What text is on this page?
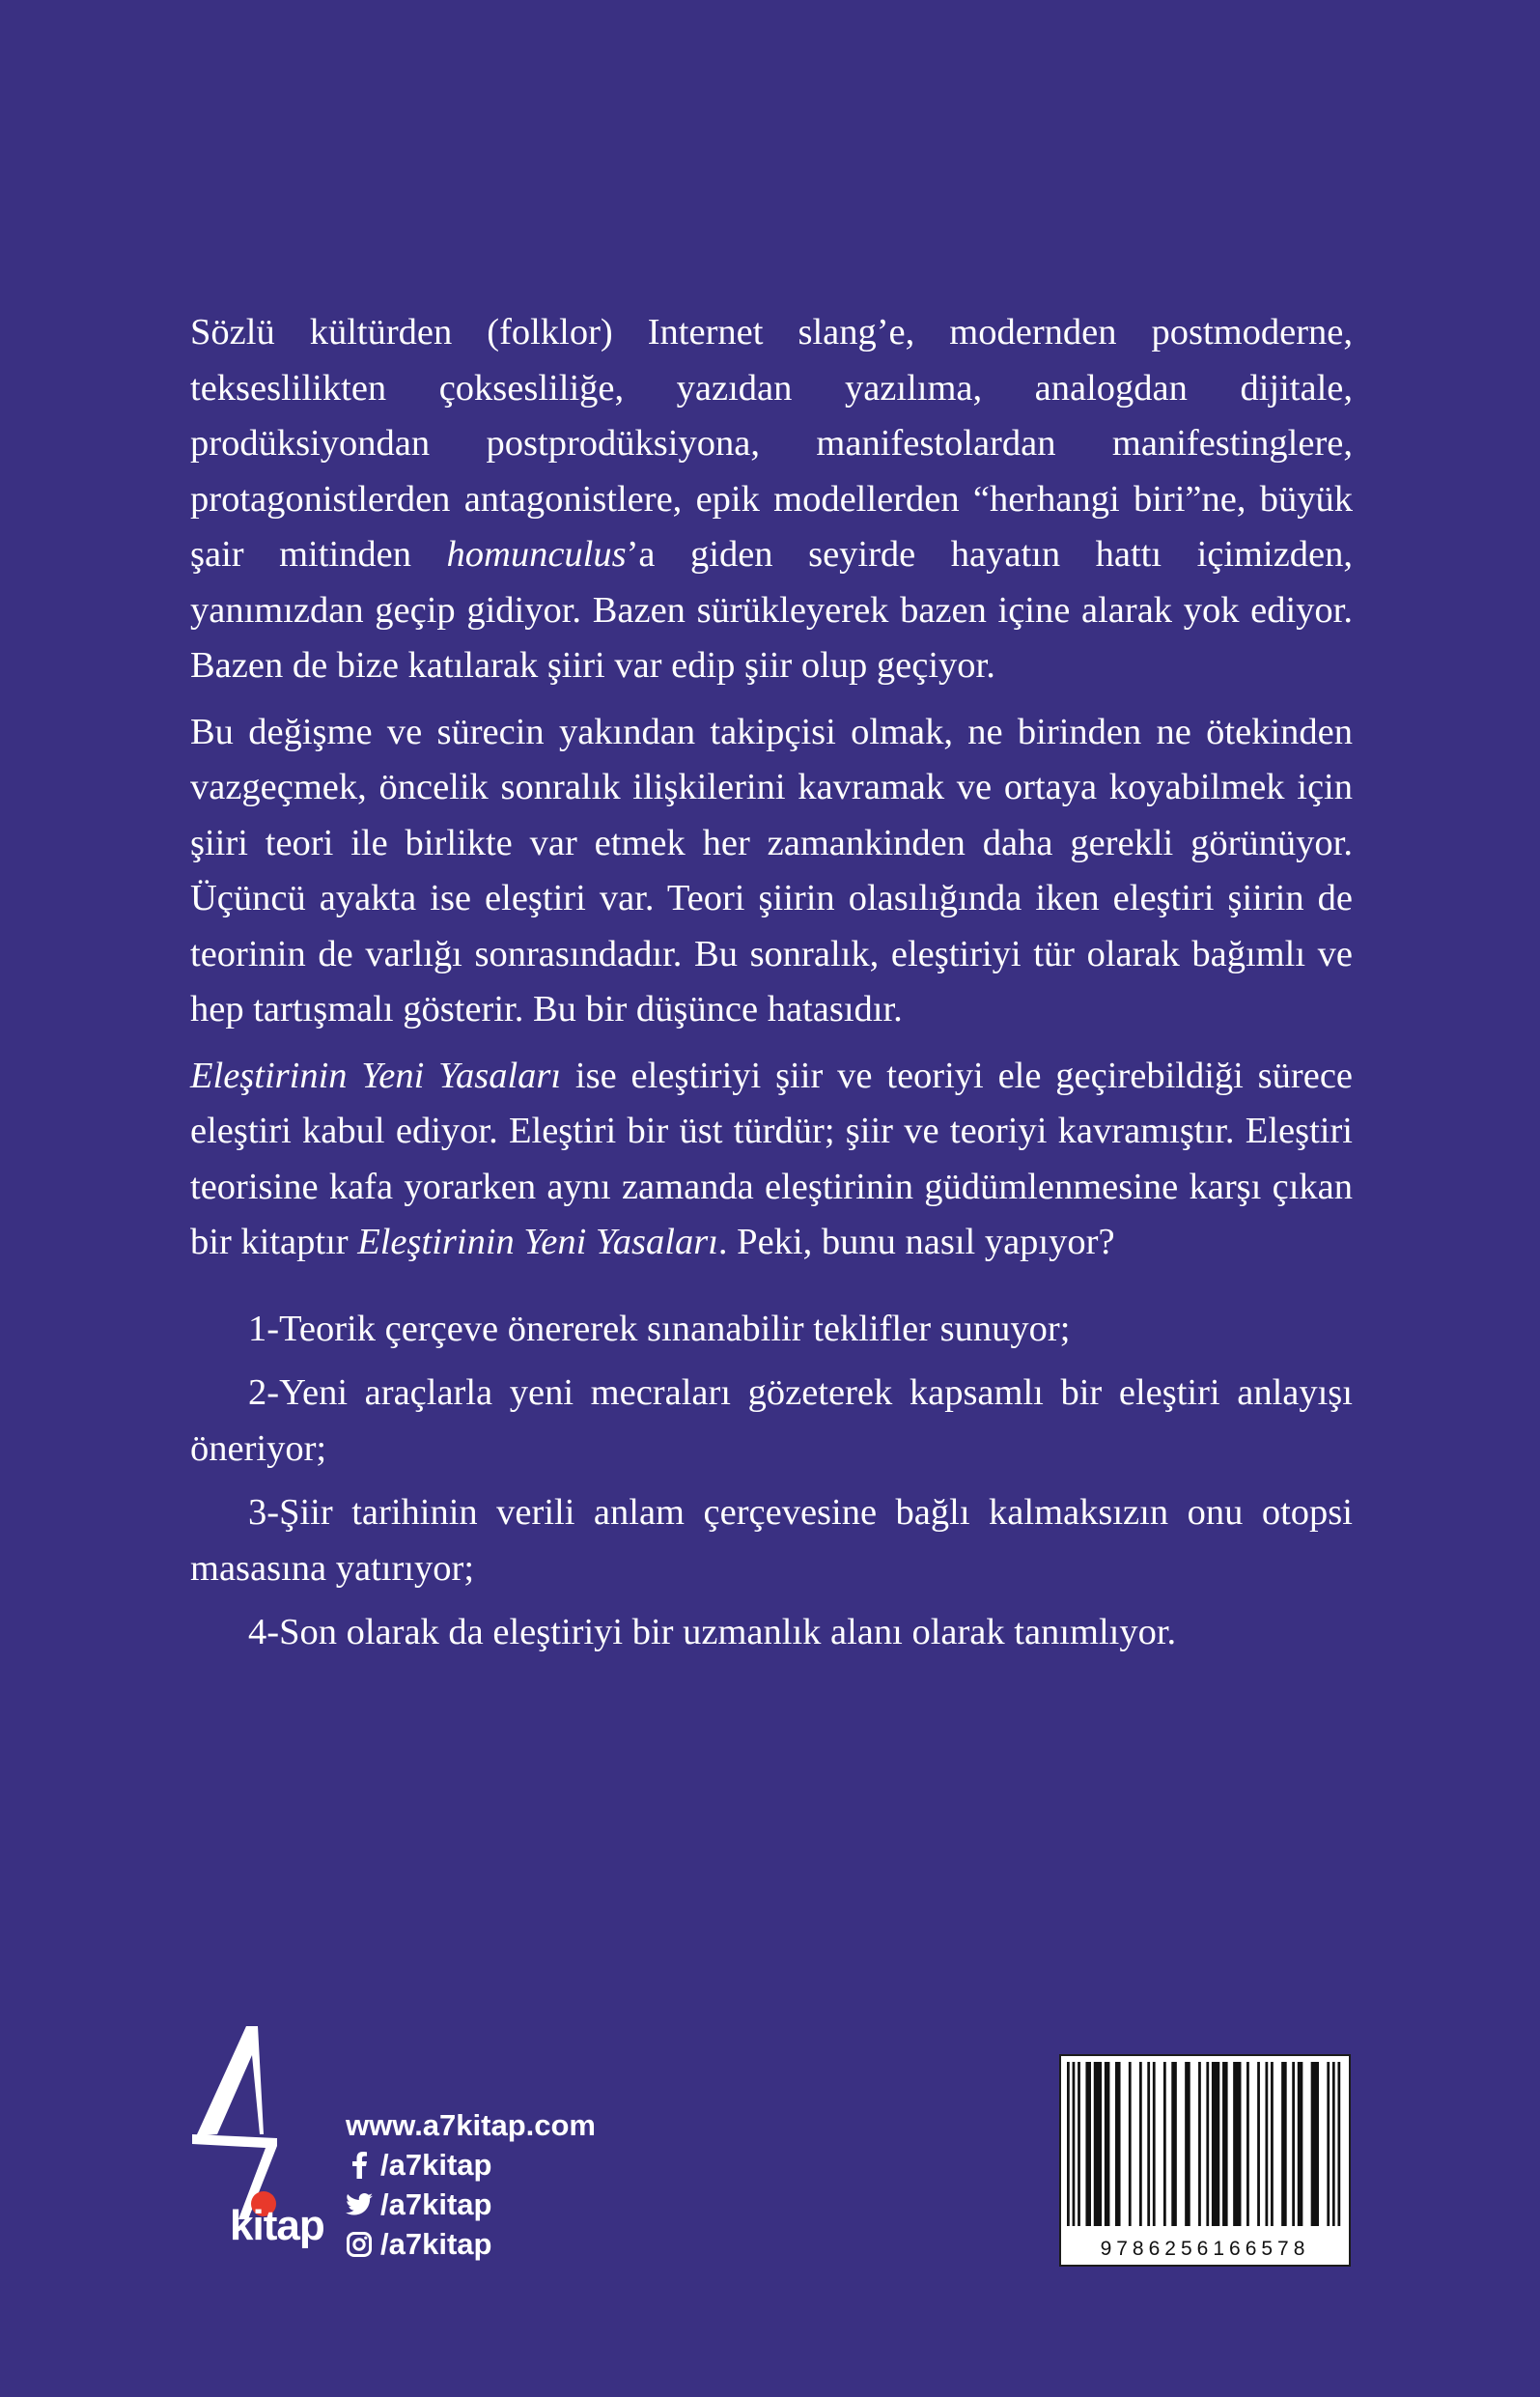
Sözlü kültürden (folklor) Internet slang’e, modernden postmoderne, tekseslilikten çoksesliliğe, yazıdan yazılıma, analogdan dijitale, prodüksiyondan postprodüksiyona, manifestolardan manifestinglere, protagonistlerden antagonistlere, epik modellerden “herhangi biri”ne, büyük şair mitinden homunculus’a giden seyirde hayatın hattı içimizden, yanımızdan geçip gidiyor. Bazen sürükleyerek bazen içine alarak yok ediyor. Bazen de bize katılarak şiiri var edip şiir olup geçiyor.

Bu değişme ve sürecin yakından takipçisi olmak, ne birinden ne ötekinden vazgeçmek, öncelik sonralık ilişkilerini kavramak ve ortaya koyabilmek için şiiri teori ile birlikte var etmek her zamankinden daha gerekli görünüyor. Üçüncü ayakta ise eleştiri var. Teori şiirin olasılığında iken eleştiri şiirin de teorinin de varlığı sonrasındadır. Bu sonralık, eleştiriyi tür olarak bağımlı ve hep tartışmalı gösterir. Bu bir düşünce hatasıdır.

Eleştirinin Yeni Yasaları ise eleştiriyi şiir ve teoriyi ele geçirebildiği sürece eleştiri kabul ediyor. Eleştiri bir üst türdür; şiir ve teoriyi kavramıştır. Eleştiri teorisine kafa yorarken aynı zamanda eleştirinin güdümlenmesine karşı çıkan bir kitaptır Eleştirinin Yeni Yasaları. Peki, bunu nasıl yapıyor?

1-Teorik çerçeve önererek sınanabilir teklifler sunuyor;

2-Yeni araçlarla yeni mecraları gözeterek kapsamlı bir eleştiri anlayışı öneriyor;

3-Şiir tarihinin verili anlam çerçevesine bağlı kalmaksızın onu otopsi masasına yatırıyor;

4-Son olarak da eleştiriyi bir uzmanlık alanı olarak tanımlıyor.

kitap
www.a7kitap.com
/a7kitap
/a7kitap
/a7kitap	9786256166578
